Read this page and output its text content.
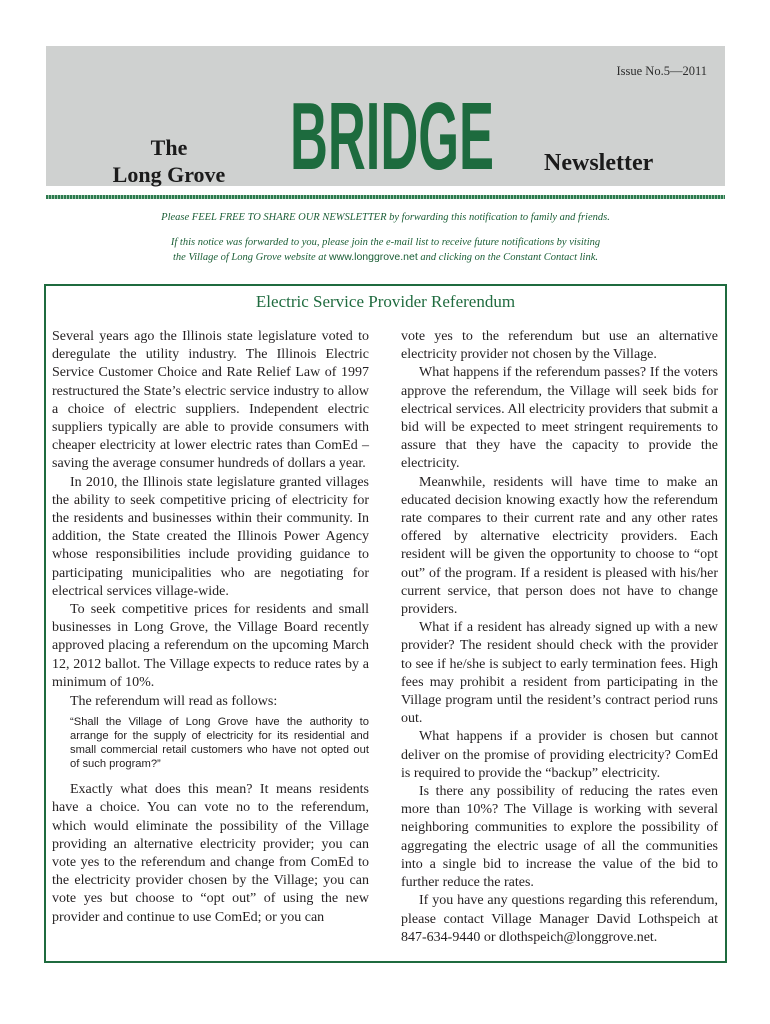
Issue No.5—2011
The
Long Grove BRIDGE Newsletter
Please FEEL FREE TO SHARE OUR NEWSLETTER by forwarding this notification to family and friends.
If this notice was forwarded to you, please join the e-mail list to receive future notifications by visiting
the Village of Long Grove website at www.longgrove.net and clicking on the Constant Contact link.
Electric Service Provider Referendum

Several years ago the Illinois state legislature voted to deregulate the utility industry. The Illinois Electric Service Customer Choice and Rate Relief Law of 1997 restructured the State’s electric service industry to allow a choice of electric suppliers. Independent electric suppliers typically are able to provide consumers with cheaper electricity at lower electric rates than ComEd –saving the average consumer hundreds of dollars a year.

In 2010, the Illinois state legislature granted villages the ability to seek competitive pricing of electricity for the residents and businesses within their community. In addition, the State created the Illinois Power Agency whose responsibilities include providing guidance to participating municipalities who are negotiating for electrical services village-wide.

To seek competitive prices for residents and small businesses in Long Grove, the Village Board recently approved placing a referendum on the upcoming March 12, 2012 ballot. The Village expects to reduce rates by a minimum of 10%.

The referendum will read as follows:

“Shall the Village of Long Grove have the authority to arrange for the supply of electricity for its residential and small commercial retail customers who have not opted out of such program?”

Exactly what does this mean? It means residents have a choice. You can vote no to the referendum, which would eliminate the possibility of the Village providing an alternative electricity provider; you can vote yes to the referendum and change from ComEd to the electricity provider chosen by the Village; you can vote yes but choose to “opt out” of using the new provider and continue to use ComEd; or you can

vote yes to the referendum but use an alternative electricity provider not chosen by the Village.

What happens if the referendum passes? If the voters approve the referendum, the Village will seek bids for electrical services. All electricity providers that submit a bid will be expected to meet stringent requirements to assure that they have the capacity to provide the electricity.

Meanwhile, residents will have time to make an educated decision knowing exactly how the referendum rate compares to their current rate and any other rates offered by alternative electricity providers. Each resident will be given the opportunity to choose to “opt out” of the program. If a resident is pleased with his/her current service, that person does not have to change providers.

What if a resident has already signed up with a new provider? The resident should check with the provider to see if he/she is subject to early termination fees. High fees may prohibit a resident from participating in the Village program until the resident’s contract period runs out.

What happens if a provider is chosen but cannot deliver on the promise of providing electricity? ComEd is required to provide the “backup” electricity.

Is there any possibility of reducing the rates even more than 10%? The Village is working with several neighboring communities to explore the possibility of aggregating the electric usage of all the communities into a single bid to increase the value of the bid to further reduce the rates.

If you have any questions regarding this referendum, please contact Village Manager David Lothspeich at 847-634-9440 or dlothspeich@longgrove.net.
